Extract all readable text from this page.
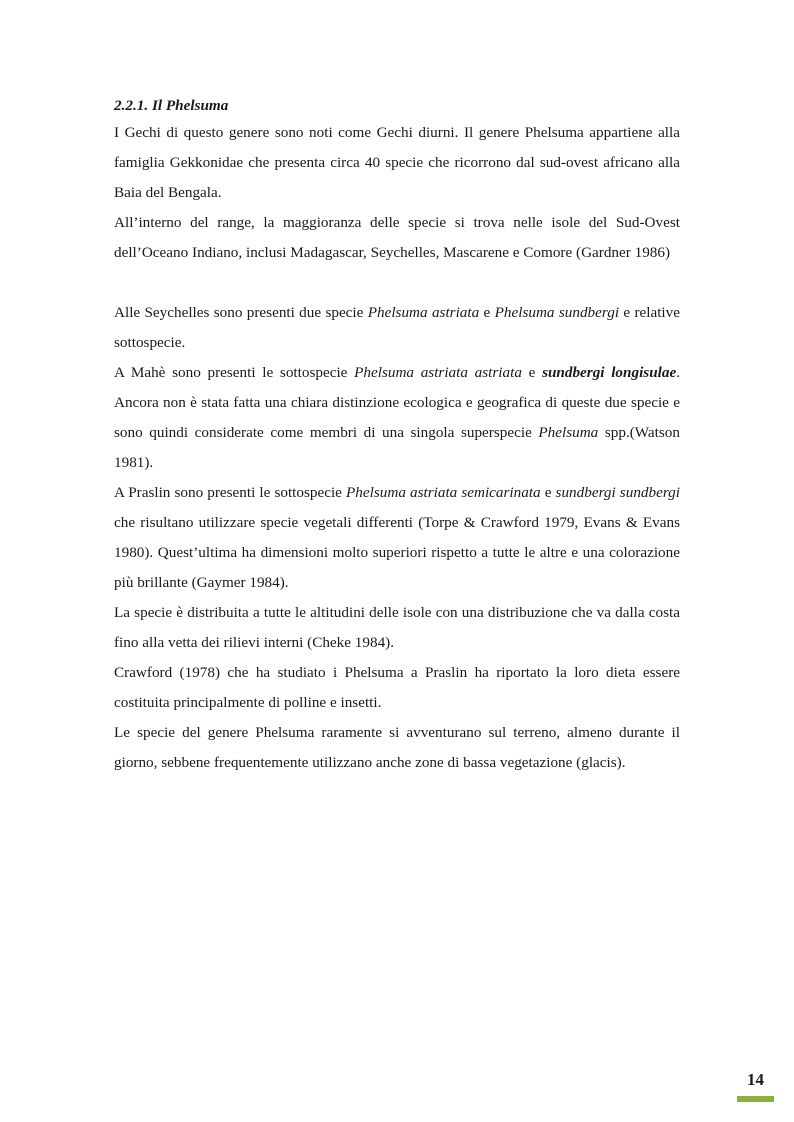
2.2.1. Il Phelsuma

I Gechi di questo genere sono noti come Gechi diurni. Il genere Phelsuma appartiene alla famiglia Gekkonidae che presenta circa 40 specie che ricorrono dal sud-ovest africano alla Baia del Bengala.

All’interno del range, la maggioranza delle specie si trova nelle isole del Sud-Ovest dell’Oceano Indiano, inclusi Madagascar, Seychelles, Mascarene e Comore (Gardner 1986)

Alle Seychelles sono presenti due specie Phelsuma astriata e Phelsuma sundbergi e relative sottospecie.

A Mahè sono presenti le sottospecie Phelsuma astriata astriata e sundbergi longisulae. Ancora non è stata fatta una chiara distinzione ecologica e geografica di queste due specie e sono quindi considerate come membri di una singola superspecie Phelsuma spp.(Watson 1981).

A Praslin sono presenti le sottospecie Phelsuma astriata semicarinata e sundbergi sundbergi che risultano utilizzare specie vegetali differenti (Torpe & Crawford 1979, Evans & Evans 1980). Quest’ultima ha dimensioni molto superiori rispetto a tutte le altre e una colorazione più brillante (Gaymer 1984).

La specie è distribuita a tutte le altitudini delle isole con una distribuzione che va dalla costa fino alla vetta dei rilievi interni (Cheke 1984).

Crawford (1978) che ha studiato i Phelsuma a Praslin ha riportato la loro dieta essere costituita principalmente di polline e insetti.

Le specie del genere Phelsuma raramente si avventurano sul terreno, almeno durante il giorno, sebbene frequentemente utilizzano anche zone di bassa vegetazione (glacis).

14
